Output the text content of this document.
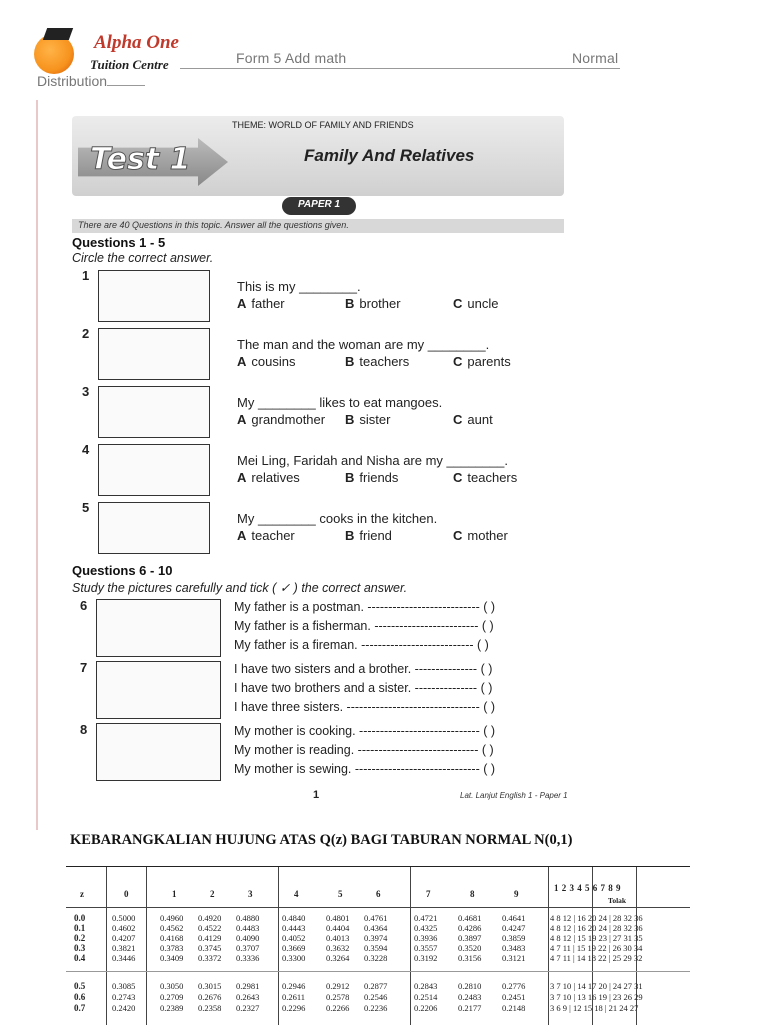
Alpha One
Tuition Centre	Form 5 Add math	Normal
Distribution
Test 1
THEME: WORLD OF FAMILY AND FRIENDS
Family And Relatives
PAPER 1
There are 40 Questions in this topic. Answer all the questions given.
Questions 1 - 5
Circle the correct answer.
1
This is my ________.
A father	B brother	C uncle
2
The man and the woman are my ________.
A cousins	B teachers	C parents
3
My ________ likes to eat mangoes.
A grandmother B sister	C aunt
4
Mei Ling, Faridah and Nisha are my ________.
A relatives	B friends	C teachers
5
My ________ cooks in the kitchen.
A teacher	B friend	C mother
Questions 6 - 10
Study the pictures carefully and tick ( ✓ ) the correct answer.
6	My father is a postman. --------------------------- ( )
My father is a fisherman. ------------------------- ( )
My father is a fireman. --------------------------- ( )
7	I have two sisters and a brother. --------------- ( )
I have two brothers and a sister. --------------- ( )
I have three sisters. -------------------------------- ( )
8	My mother is cooking. ----------------------------- ( )
My mother is reading. ----------------------------- ( )
My mother is sewing. ------------------------------ ( )
1	Lat. Lanjut English 1 - Paper 1
KEBARANGKALIAN HUJUNG ATAS Q(z) BAGI TABURAN NORMAL N(0,1)
z	0	1	2	3	4	5	6	7	8	9
1 2 3 4 5 6 7 8 9
Tolak
0.0	0.5000	0.4960 0.4920 0.4880	0.4840 0.4801 0.4761	0.4721 0.4681 0.4641	4 8 12 | 16 20 24 | 28 32 36
0.1	0.4602	0.4562 0.4522 0.4483	0.4443 0.4404 0.4364	0.4325 0.4286 0.4247	4 8 12 | 16 20 24 | 28 32 36
0.2	0.4207	0.4168 0.4129 0.4090	0.4052 0.4013 0.3974	0.3936 0.3897 0.3859	4 8 12 | 15 19 23 | 27 31 35
0.3	0.3821	0.3783 0.3745 0.3707	0.3669 0.3632 0.3594	0.3557 0.3520 0.3483	4 7 11 | 15 19 22 | 26 30 34
0.4	0.3446	0.3409 0.3372 0.3336	0.3300 0.3264 0.3228	0.3192 0.3156 0.3121	4 7 11 | 14 18 22 | 25 29 32
0.5	0.3085	0.3050 0.3015 0.2981	0.2946 0.2912 0.2877	0.2843 0.2810 0.2776	3 7 10 | 14 17 20 | 24 27 31
0.6	0.2743	0.2709 0.2676 0.2643	0.2611 0.2578 0.2546	0.2514 0.2483 0.2451	3 7 10 | 13 16 19 | 23 26 29
0.7	0.2420	0.2389 0.2358 0.2327	0.2296 0.2266 0.2236	0.2206 0.2177 0.2148	3 6 9 | 12 15 18 | 21 24 27
